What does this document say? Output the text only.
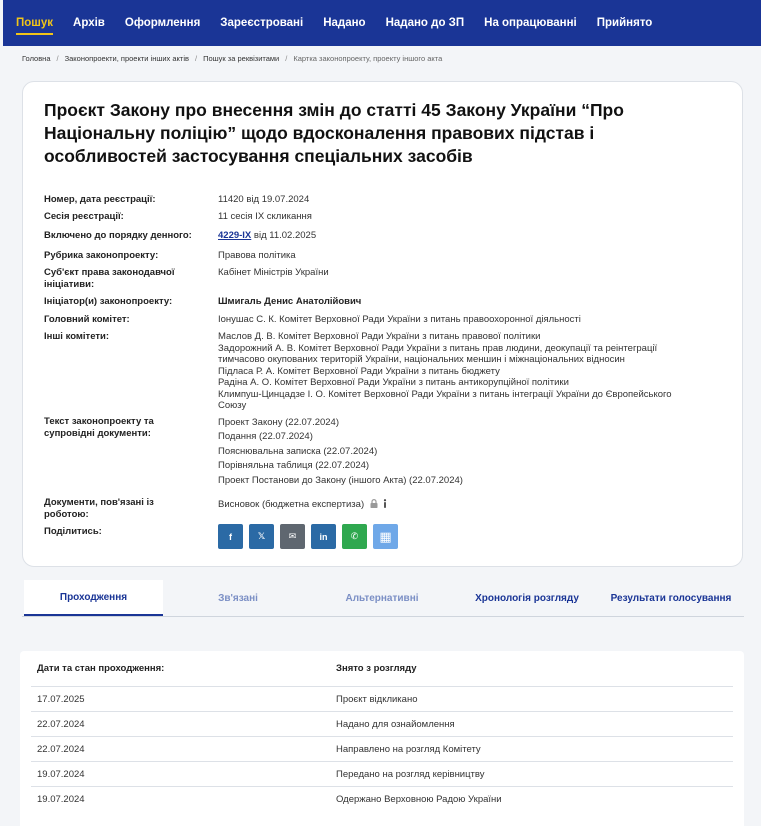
Пошук Архів Оформлення Зареєстровані Надано Надано до ЗП На опрацюванні Прийнято
Головна / Законопроекти, проекти інших актів / Пошук за реквізитами / Картка законопроекту, проекту іншого акта
Проєкт Закону про внесення змін до статті 45 Закону України “Про Національну поліцію” щодо вдосконалення правових підстав і особливостей застосування спеціальних засобів
Номер, дата реєстрації:	11420 від 19.07.2024
Сесія реєстрації:	11 сесія IX скликання
Включено до порядку денного:	4229-IX від 11.02.2025
Рубрика законопроекту:	Правова політика
Суб'єкт права законодавчої ініціативи:
Кабінет Міністрів України
Ініціатор(и) законопроекту:	Шмигаль Денис Анатолійович
Головний комітет:	Іонушас С. К. Комітет Верховної Ради України з питань правоохоронної діяльності
Інші комітети:	Маслов Д. В. Комітет Верховної Ради України з питань правової політики
Задорожний А. В. Комітет Верховної Ради України з питань прав людини, деокупації та реінтеграції
тимчасово окупованих територій України, національних меншин і міжнаціональних відносин
Підласа Р. А. Комітет Верховної Ради України з питань бюджету
Радіна А. О. Комітет Верховної Ради України з питань антикорупційної політики
Климпуш-Цинцадзе І. О. Комітет Верховної Ради України з питань інтеграції України до Європейського
Союзу
Текст законопроекту та супровідні документи:
Проект Закону (22.07.2024)
Подання (22.07.2024)
Пояснювальна записка (22.07.2024)
Порівняльна таблиця (22.07.2024)
Проект Постанови до Закону (іншого Акта) (22.07.2024)
Документи, пов'язані із роботою:
Висновок (бюджетна експертиза)
Поділитись:	f	𝕏	✉	in	✆ ▦
Проходження	Зв'язані	Альтернативні	Хронологія розгляду	Результати голосування
Дати та стан проходження:	Знято з розгляду
17.07.2025	Проєкт відкликано
22.07.2024	Надано для ознайомлення
22.07.2024	Направлено на розгляд Комітету
19.07.2024	Передано на розгляд керівництву
19.07.2024	Одержано Верховною Радою України
